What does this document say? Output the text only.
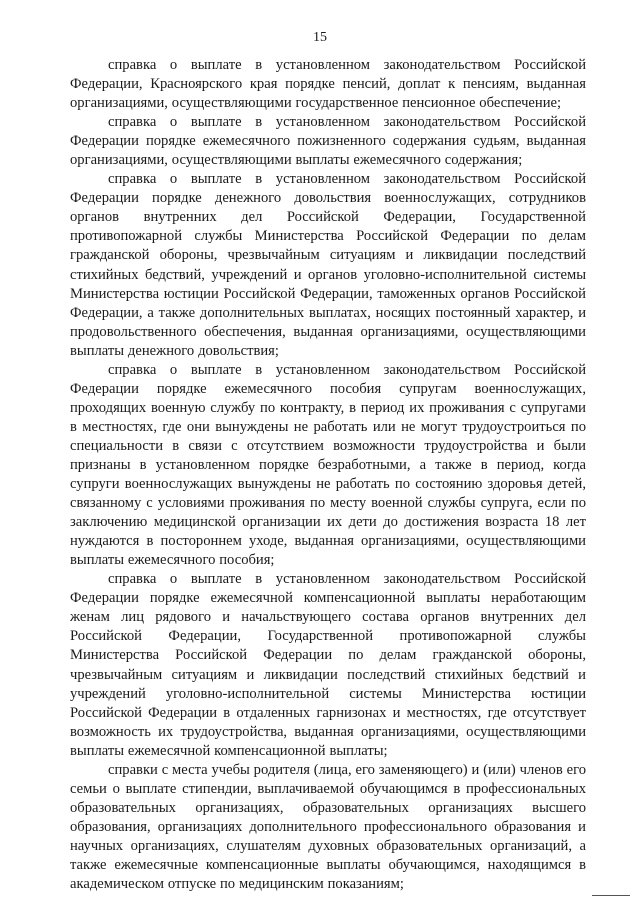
15

справка о выплате в установленном законодательством Российской Федерации, Красноярского края порядке пенсий, доплат к пенсиям, выданная организациями, осуществляющими государственное пенсионное обеспечение;

справка о выплате в установленном законодательством Российской Федерации порядке ежемесячного пожизненного содержания судьям, выданная организациями, осуществляющими выплаты ежемесячного содержания;

справка о выплате в установленном законодательством Российской Федерации порядке денежного довольствия военнослужащих, сотрудников органов внутренних дел Российской Федерации, Государственной противопожарной службы Министерства Российской Федерации по делам гражданской обороны, чрезвычайным ситуациям и ликвидации последствий стихийных бедствий, учреждений и органов уголовно-исполнительной системы Министерства юстиции Российской Федерации, таможенных органов Российской Федерации, а также дополнительных выплатах, носящих постоянный характер, и продовольственного обеспечения, выданная организациями, осуществляющими выплаты денежного довольствия;

справка о выплате в установленном законодательством Российской Федерации порядке ежемесячного пособия супругам военнослужащих, проходящих военную службу по контракту, в период их проживания с супругами в местностях, где они вынуждены не работать или не могут трудоустроиться по специальности в связи с отсутствием возможности трудоустройства и были признаны в установленном порядке безработными, а также в период, когда супруги военнослужащих вынуждены не работать по состоянию здоровья детей, связанному с условиями проживания по месту военной службы супруга, если по заключению медицинской организации их дети до достижения возраста 18 лет нуждаются в постороннем уходе, выданная организациями, осуществляющими выплаты ежемесячного пособия;

справка о выплате в установленном законодательством Российской Федерации порядке ежемесячной компенсационной выплаты неработающим женам лиц рядового и начальствующего состава органов внутренних дел Российской Федерации, Государственной противопожарной службы Министерства Российской Федерации по делам гражданской обороны, чрезвычайным ситуациям и ликвидации последствий стихийных бедствий и учреждений уголовно-исполнительной системы Министерства юстиции Российской Федерации в отдаленных гарнизонах и местностях, где отсутствует возможность их трудоустройства, выданная организациями, осуществляющими выплаты ежемесячной компенсационной выплаты;

справки с места учебы родителя (лица, его заменяющего) и (или) членов его семьи о выплате стипендии, выплачиваемой обучающимся в профессиональных образовательных организациях, образовательных организациях высшего образования, организациях дополнительного профессионального образования и научных организациях, слушателям духовных образовательных организаций, а также ежемесячные компенсационные выплаты обучающимся, находящимся в академическом отпуске по медицинским показаниям;
